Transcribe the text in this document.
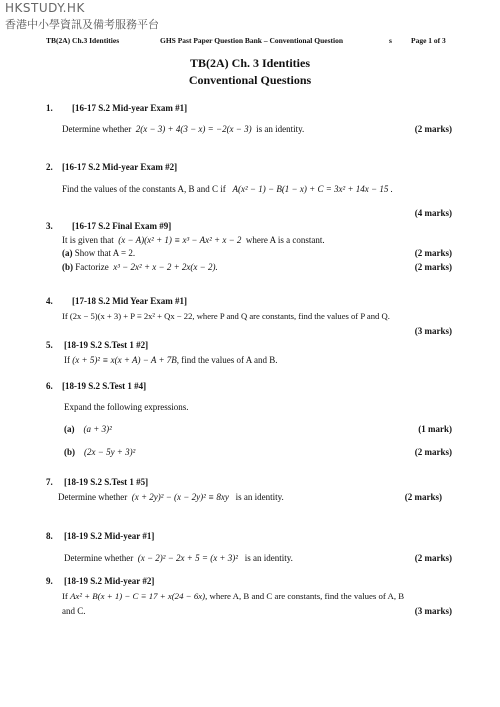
HKSTUDY.HK
香港中小學資訊及備考服務平台
TB(2A) Ch.3 Identities	GHS Past Paper Question Bank – Conventional Question	s	Page 1 of 3
TB(2A) Ch. 3 Identities
Conventional Questions
1. [16-17 S.2 Mid-year Exam #1]
Determine whether 2(x − 3) + 4(3 − x) = −2(x − 3) is an identity.	(2 marks)
2. [16-17 S.2 Mid-year Exam #2]
Find the values of the constants A, B and C if A(x² − 1) − B(1 − x) + C = 3x² + 14x − 15 .
(4 marks)
3. [16-17 S.2 Final Exam #9]
It is given that (x − A)(x² + 1) ≡ x³ − Ax² + x − 2 where A is a constant.
(a) Show that A = 2.	(2 marks)
(b) Factorize x³ − 2x² + x − 2 + 2x(x − 2).	(2 marks)
4. [17-18 S.2 Mid Year Exam #1]
If (2x − 5)(x + 3) + P ≡ 2x² + Qx − 22, where P and Q are constants, find the values of P and Q.
(3 marks)
5. [18-19 S.2 S.Test 1 #2]
If (x + 5)² ≡ x(x + A) − A + 7B, find the values of A and B.
6. [18-19 S.2 S.Test 1 #4]
Expand the following expressions.
(a) (a + 3)²	(1 mark)
(b) (2x − 5y + 3)²	(2 marks)
7. [18-19 S.2 S.Test 1 #5]
Determine whether (x + 2y)² − (x − 2y)² ≡ 8xy is an identity.	(2 marks)
8. [18-19 S.2 Mid-year #1]
Determine whether (x − 2)² − 2x + 5 = (x + 3)² is an identity.	(2 marks)
9. [18-19 S.2 Mid-year #2]
If Ax² + B(x + 1) − C ≡ 17 + x(24 − 6x), where A, B and C are constants, find the values of A, B
and C.	(3 marks)
